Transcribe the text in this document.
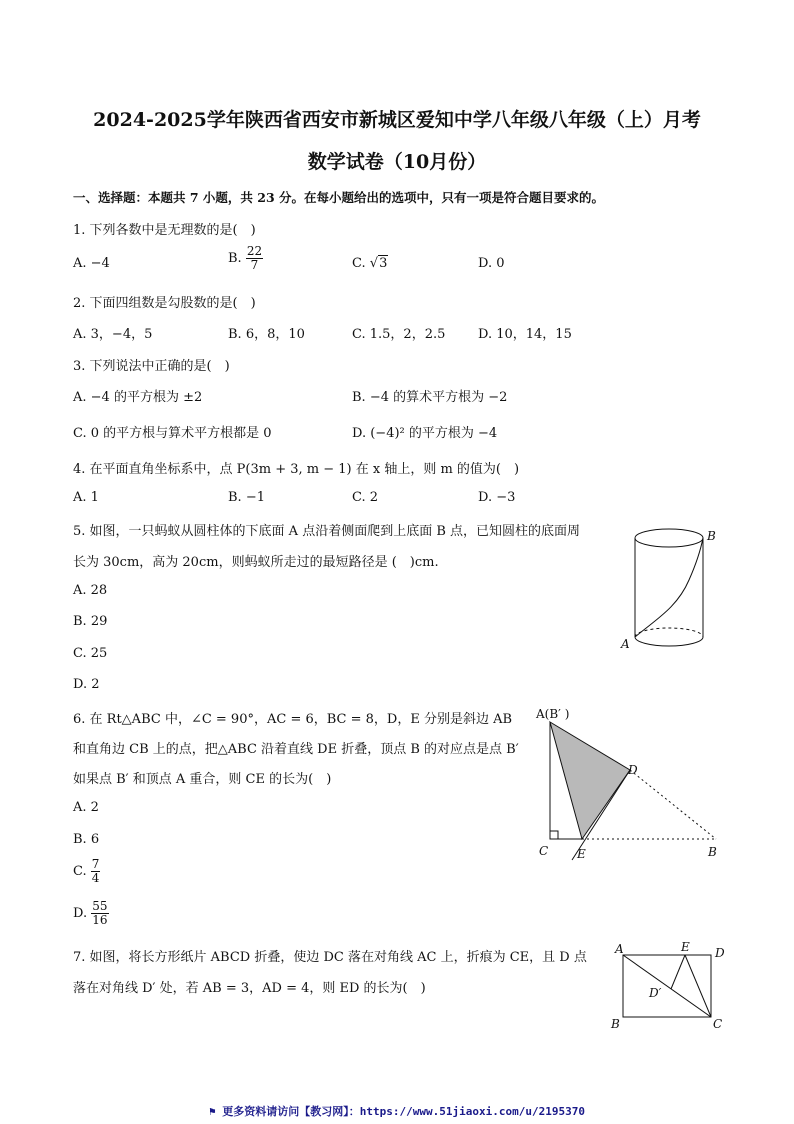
2024-2025学年陕西省西安市新城区爱知中学八年级八年级（上）月考
数学试卷（10月份）
一、选择题：本题共 7 小题，共 23 分。在每小题给出的选项中，只有一项是符合题目要求的。
1. 下列各数中是无理数的是(　)
A. −4	B. $\frac{22}{7}$	C. √3	D. 0
2. 下面四组数是勾股数的是(　)
A. 3，−4，5	B. 6，8，10	C. 1.5，2，2.5	D. 10，14，15
3. 下列说法中正确的是(　)
A. −4 的平方根为 ±2	B. −4 的算术平方根为 −2
C. 0 的平方根与算术平方根都是 0	D. (−4)² 的平方根为 −4
4. 在平面直角坐标系中，点 P(3m + 3, m − 1) 在 x 轴上，则 m 的值为(　)
A. 1	B. −1	C. 2	D. −3
5. 如图，一只蚂蚁从圆柱体的下底面 A 点沿着侧面爬到上底面 B 点，已知圆柱的底面周
长为 30cm，高为 20cm，则蚂蚁所走过的最短路径是 (　)cm.
A. 28
B. 29
C. 25
D. 2
B
A
6. 在 Rt△ABC 中，∠C = 90°，AC = 6，BC = 8，D，E 分别是斜边 AB
和直角边 CB 上的点，把△ABC 沿着直线 DE 折叠，顶点 B 的对应点是点 B′
如果点 B′ 和顶点 A 重合，则 CE 的长为(　)
A. 2
B. 6
C. $\frac{7}{4}$
D. $\frac{55}{16}$
A(B′ )
D
C E	B
7. 如图，将长方形纸片 ABCD 折叠，使边 DC 落在对角线 AC 上，折痕为 CE，且 D 点
落在对角线 D′ 处，若 AB = 3，AD = 4，则 ED 的长为(　)
A	E D
D′
B	C
⚑ 更多资料请访问【教习网】：https://www.51jiaoxi.com/u/2195370
